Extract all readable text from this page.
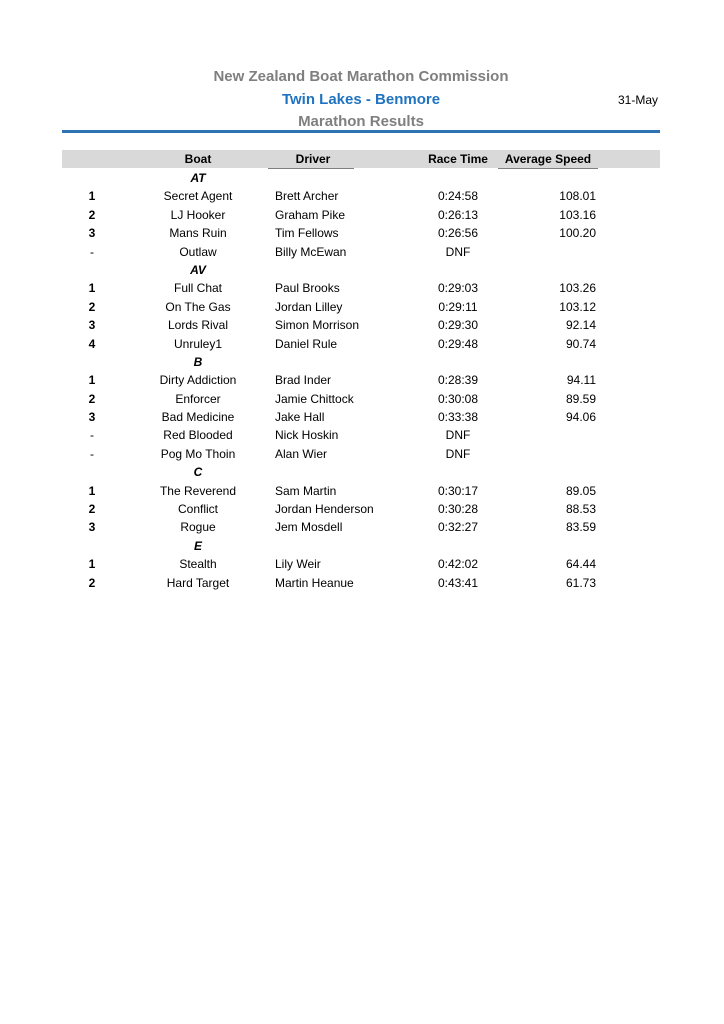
New Zealand Boat Marathon Commission
Twin Lakes - Benmore
Marathon Results
31-May
Boat	Driver	Race Time	Average Speed
AT
1	Secret Agent	Brett Archer	0:24:58	108.01
2	LJ Hooker	Graham Pike	0:26:13	103.16
3	Mans Ruin	Tim Fellows	0:26:56	100.20
-	Outlaw	Billy McEwan	DNF
AV
1	Full Chat	Paul Brooks	0:29:03	103.26
2	On The Gas	Jordan Lilley	0:29:11	103.12
3	Lords Rival	Simon Morrison	0:29:30	92.14
4	Unruley1	Daniel Rule	0:29:48	90.74
B
1	Dirty Addiction	Brad Inder	0:28:39	94.11
2	Enforcer	Jamie Chittock	0:30:08	89.59
3	Bad Medicine	Jake Hall	0:33:38	94.06
-	Red Blooded	Nick Hoskin	DNF
-	Pog Mo Thoin	Alan Wier	DNF
C
1	The Reverend	Sam Martin	0:30:17	89.05
2	Conflict	Jordan Henderson	0:30:28	88.53
3	Rogue	Jem Mosdell	0:32:27	83.59
E
1	Stealth	Lily Weir	0:42:02	64.44
2	Hard Target	Martin Heanue	0:43:41	61.73
